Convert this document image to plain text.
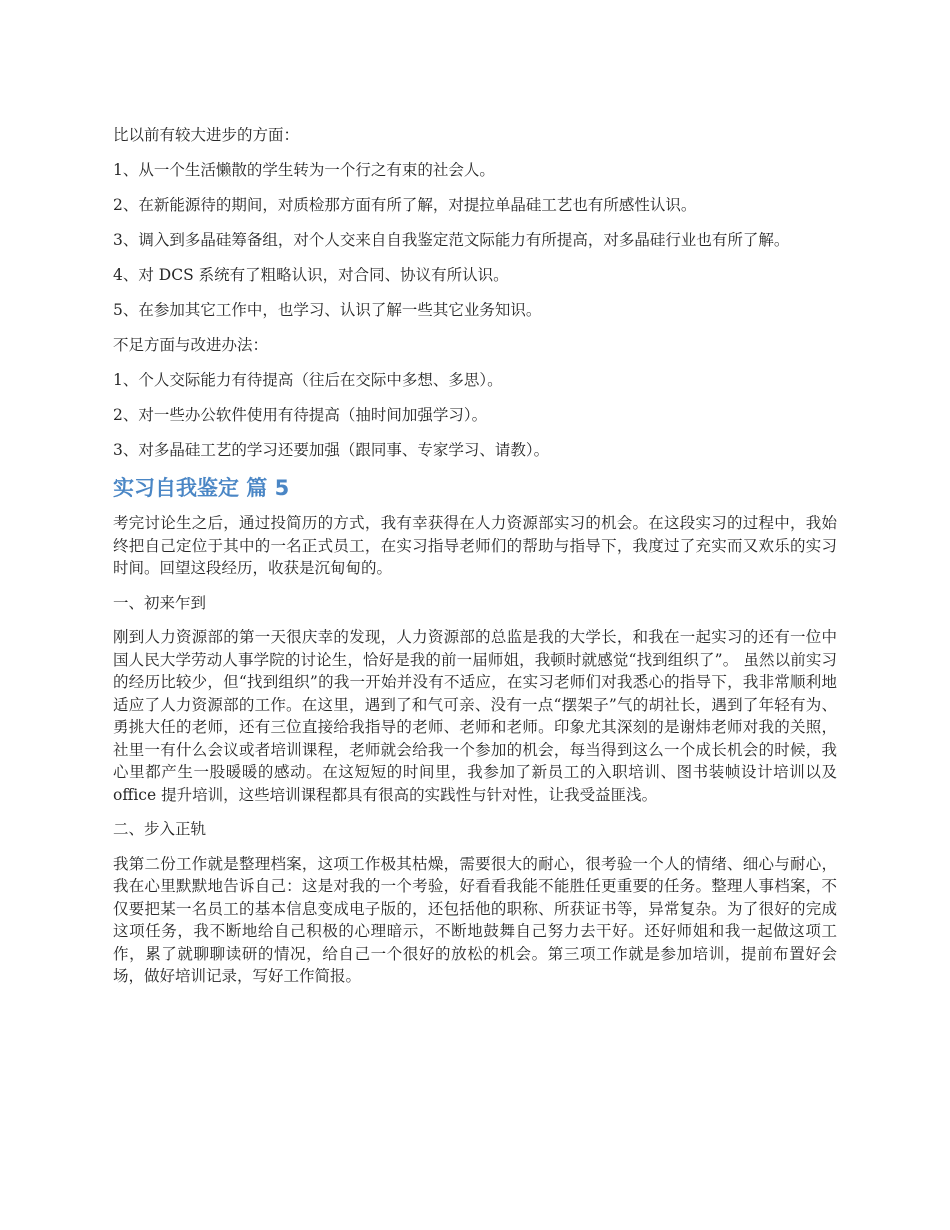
比以前有较大进步的方面：

1、从一个生活懒散的学生转为一个行之有束的社会人。

2、在新能源待的期间，对质检那方面有所了解，对提拉单晶硅工艺也有所感性认识。

3、调入到多晶硅筹备组，对个人交来自自我鉴定范文际能力有所提高，对多晶硅行业也有所了解。

4、对 DCS 系统有了粗略认识，对合同、协议有所认识。

5、在参加其它工作中，也学习、认识了解一些其它业务知识。

不足方面与改进办法：

1、个人交际能力有待提高（往后在交际中多想、多思）。

2、对一些办公软件使用有待提高（抽时间加强学习）。

3、对多晶硅工艺的学习还要加强（跟同事、专家学习、请教）。

实习自我鉴定 篇 5

考完讨论生之后，通过投简历的方式，我有幸获得在人力资源部实习的机会。在这段实习的过程中，我始终把自己定位于其中的一名正式员工，在实习指导老师们的帮助与指导下，我度过了充实而又欢乐的实习时间。回望这段经历，收获是沉甸甸的。

一、初来乍到

刚到人力资源部的第一天很庆幸的发现，人力资源部的总监是我的大学长，和我在一起实习的还有一位中国人民大学劳动人事学院的讨论生，恰好是我的前一届师姐，我顿时就感觉“找到组织了”。 虽然以前实习的经历比较少，但“找到组织”的我一开始并没有不适应，在实习老师们对我悉心的指导下，我非常顺利地适应了人力资源部的工作。在这里，遇到了和气可亲、没有一点“摆架子”气的胡社长，遇到了年轻有为、勇挑大任的老师，还有三位直接给我指导的老师、老师和老师。印象尤其深刻的是谢炜老师对我的关照，社里一有什么会议或者培训课程，老师就会给我一个参加的机会，每当得到这么一个成长机会的时候，我心里都产生一股暖暖的感动。在这短短的时间里，我参加了新员工的入职培训、图书装帧设计培训以及 office 提升培训，这些培训课程都具有很高的实践性与针对性，让我受益匪浅。

二、步入正轨

我第二份工作就是整理档案，这项工作极其枯燥，需要很大的耐心，很考验一个人的情绪、细心与耐心，我在心里默默地告诉自己：这是对我的一个考验，好看看我能不能胜任更重要的任务。整理人事档案，不仅要把某一名员工的基本信息变成电子版的，还包括他的职称、所获证书等，异常复杂。为了很好的完成这项任务，我不断地给自己积极的心理暗示，不断地鼓舞自己努力去干好。还好师姐和我一起做这项工作，累了就聊聊读研的情况，给自己一个很好的放松的机会。第三项工作就是参加培训，提前布置好会场，做好培训记录，写好工作简报。
